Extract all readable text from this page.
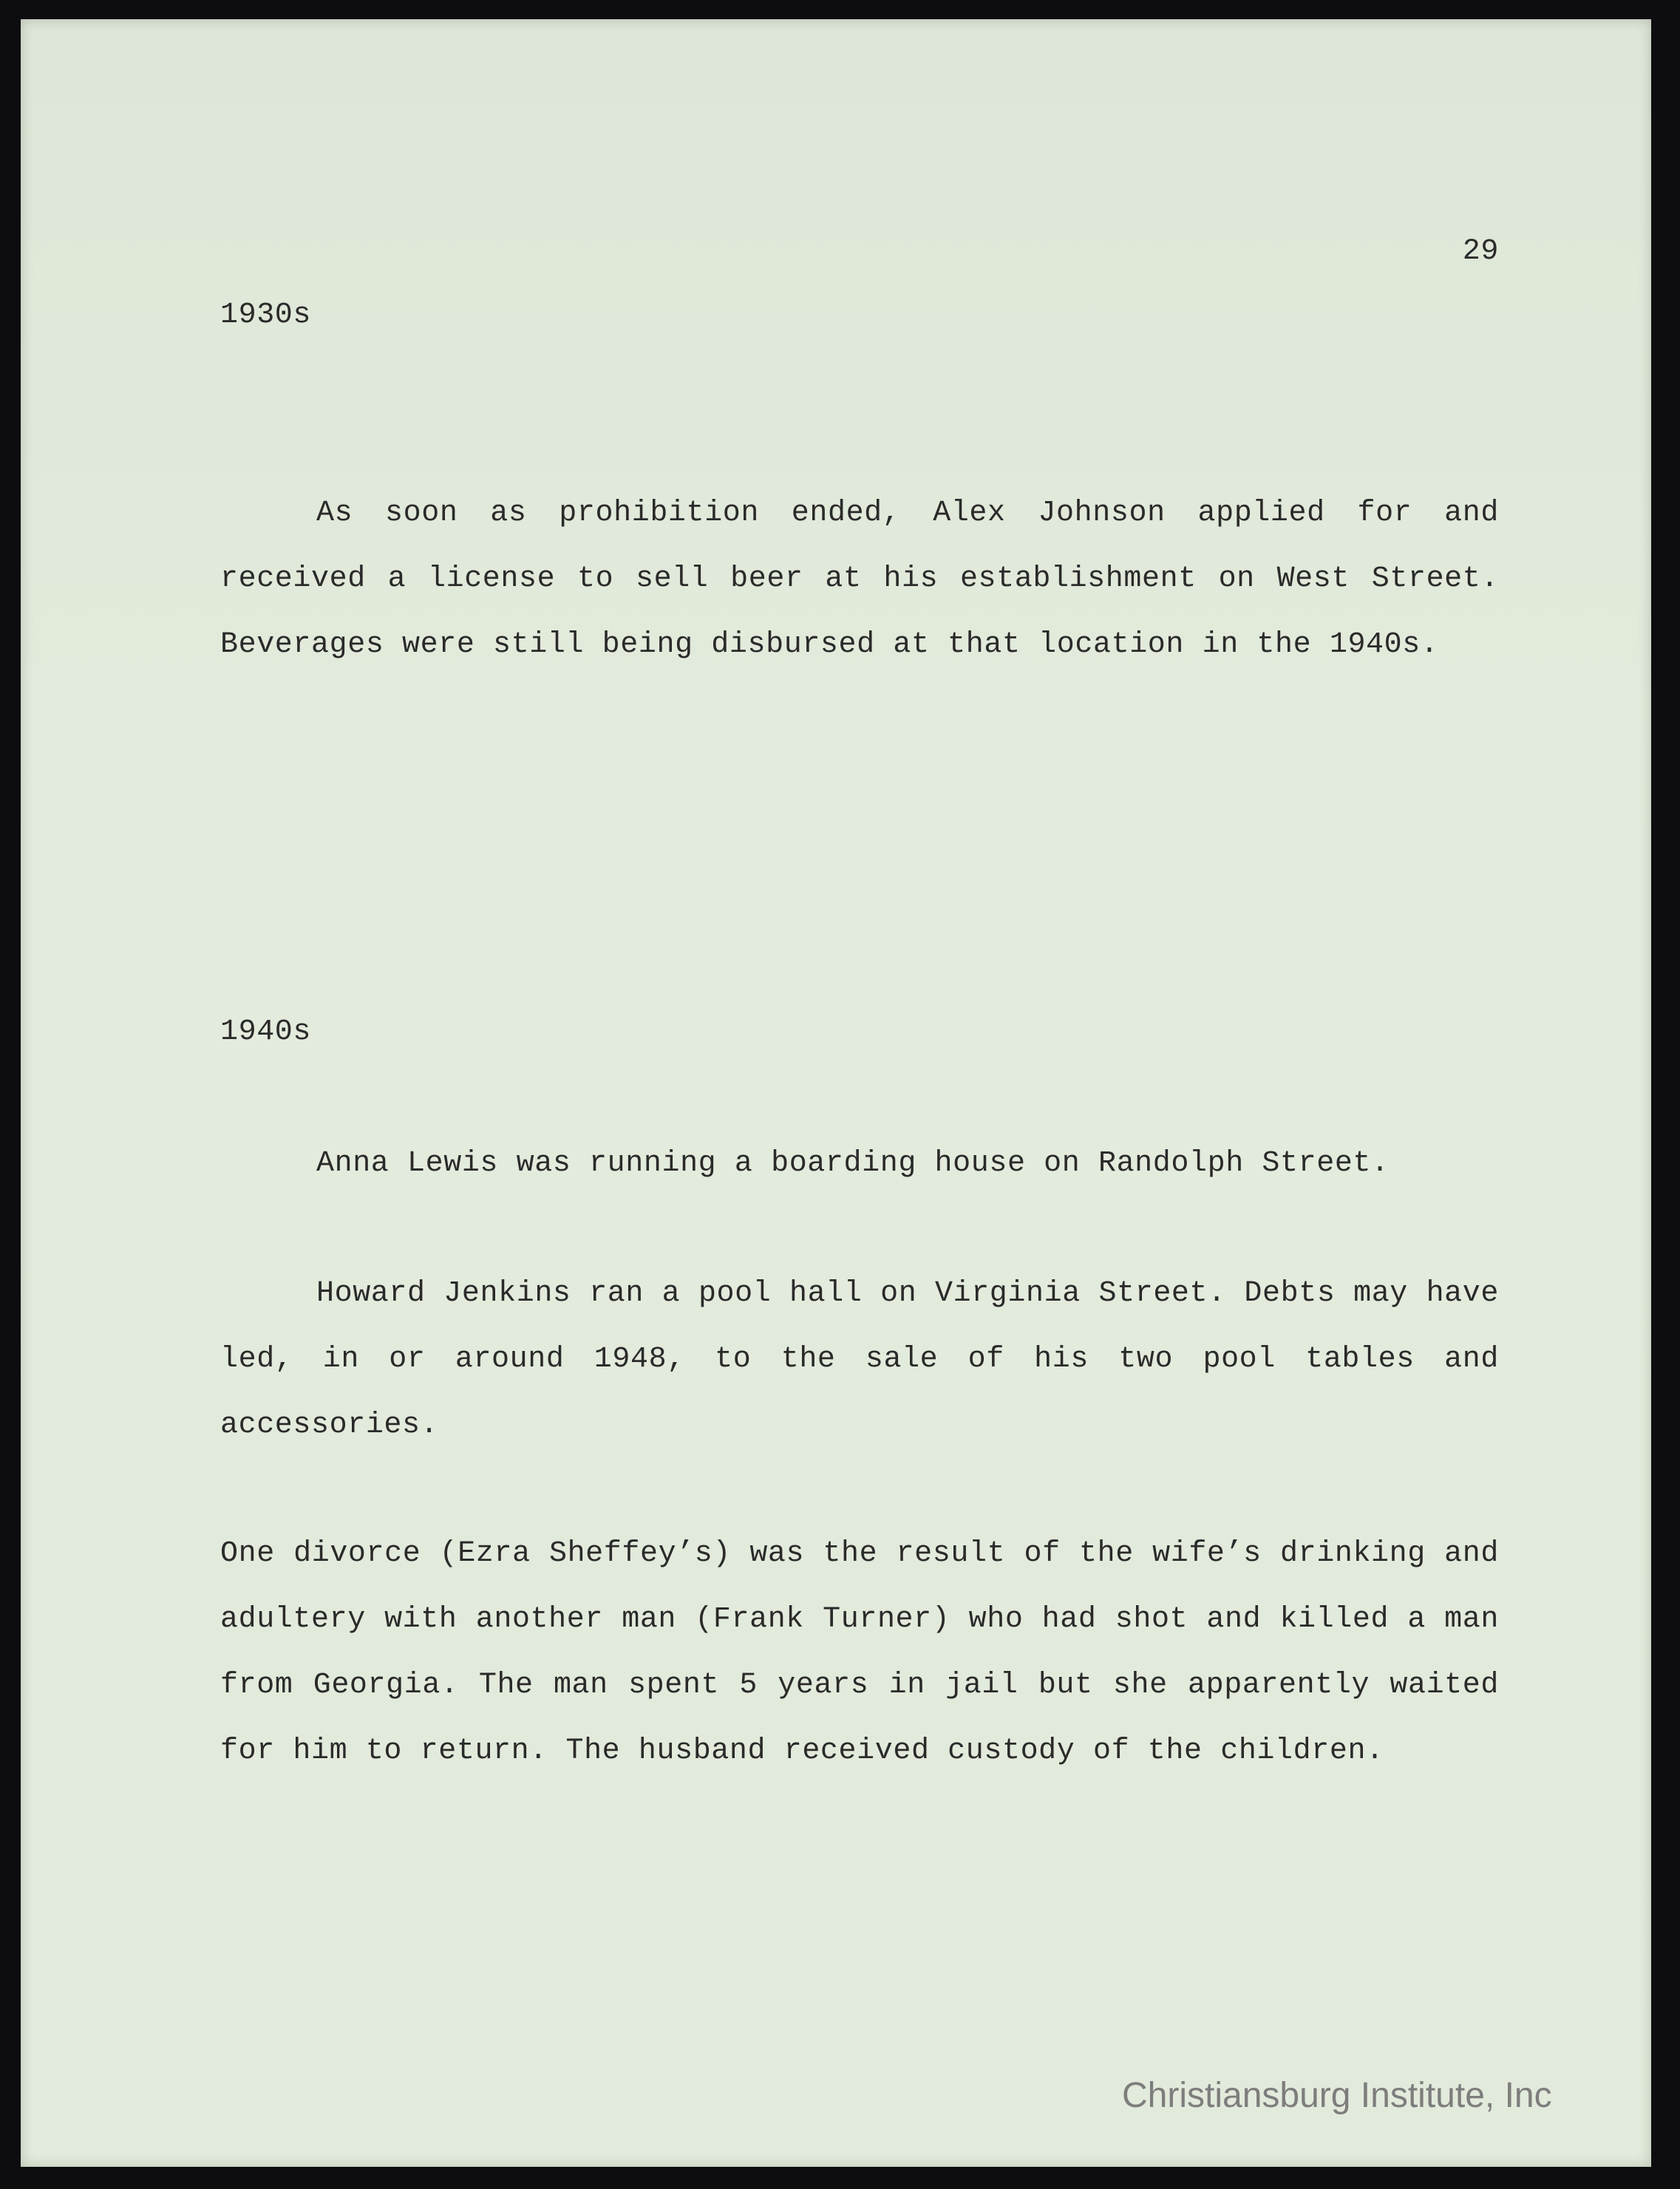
29
1930s

As soon as prohibition ended, Alex Johnson applied for and received a license to sell beer at his establishment on West Street. Beverages were still being disbursed at that location in the 1940s.

1940s

Anna Lewis was running a boarding house on Randolph Street.

Howard Jenkins ran a pool hall on Virginia Street. Debts may have led, in or around 1948, to the sale of his two pool tables and accessories.

One divorce (Ezra Sheffey’s) was the result of the wife’s drinking and adultery with another man (Frank Turner) who had shot and killed a man from Georgia. The man spent 5 years in jail but she apparently waited for him to return. The husband received custody of the children.

Christiansburg Institute, Inc
